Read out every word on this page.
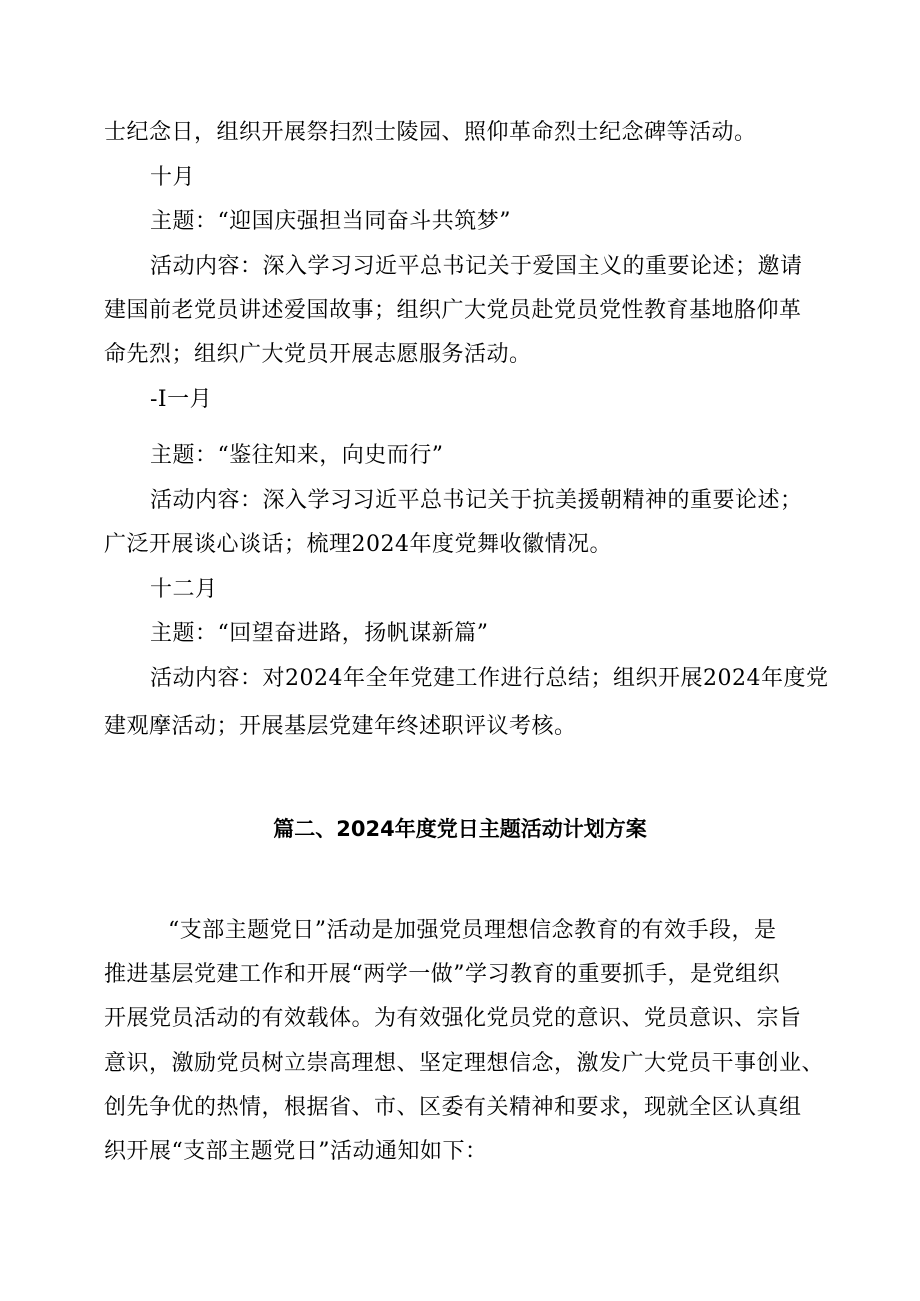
士纪念日，组织开展祭扫烈士陵园、照仰革命烈士纪念碑等活动。
十月
主题：“迎国庆强担当同奋斗共筑梦”
活动内容：深入学习习近平总书记关于爱国主义的重要论述；邀请
建国前老党员讲述爱国故事；组织广大党员赴党员党性教育基地胳仰革
命先烈；组织广大党员开展志愿服务活动。
-I一月
主题：“鉴往知来，向史而行”
活动内容：深入学习习近平总书记关于抗美援朝精神的重要论述；
广泛开展谈心谈话；梳理2024年度党舞收徽情况。
十二月
主题：“回望奋进路，扬帆谋新篇”
活动内容：对2024年全年党建工作进行总结；组织开展2024年度党
建观摩活动；开展基层党建年终述职评议考核。
篇二、2024年度党日主题活动计划方案
“支部主题党日”活动是加强党员理想信念教育的有效手段，是
推进基层党建工作和开展“两学一做”学习教育的重要抓手，是党组织
开展党员活动的有效载体。为有效强化党员党的意识、党员意识、宗旨
意识，激励党员树立崇高理想、坚定理想信念，激发广大党员干事创业、
创先争优的热情，根据省、市、区委有关精神和要求，现就全区认真组
织开展“支部主题党日”活动通知如下：
